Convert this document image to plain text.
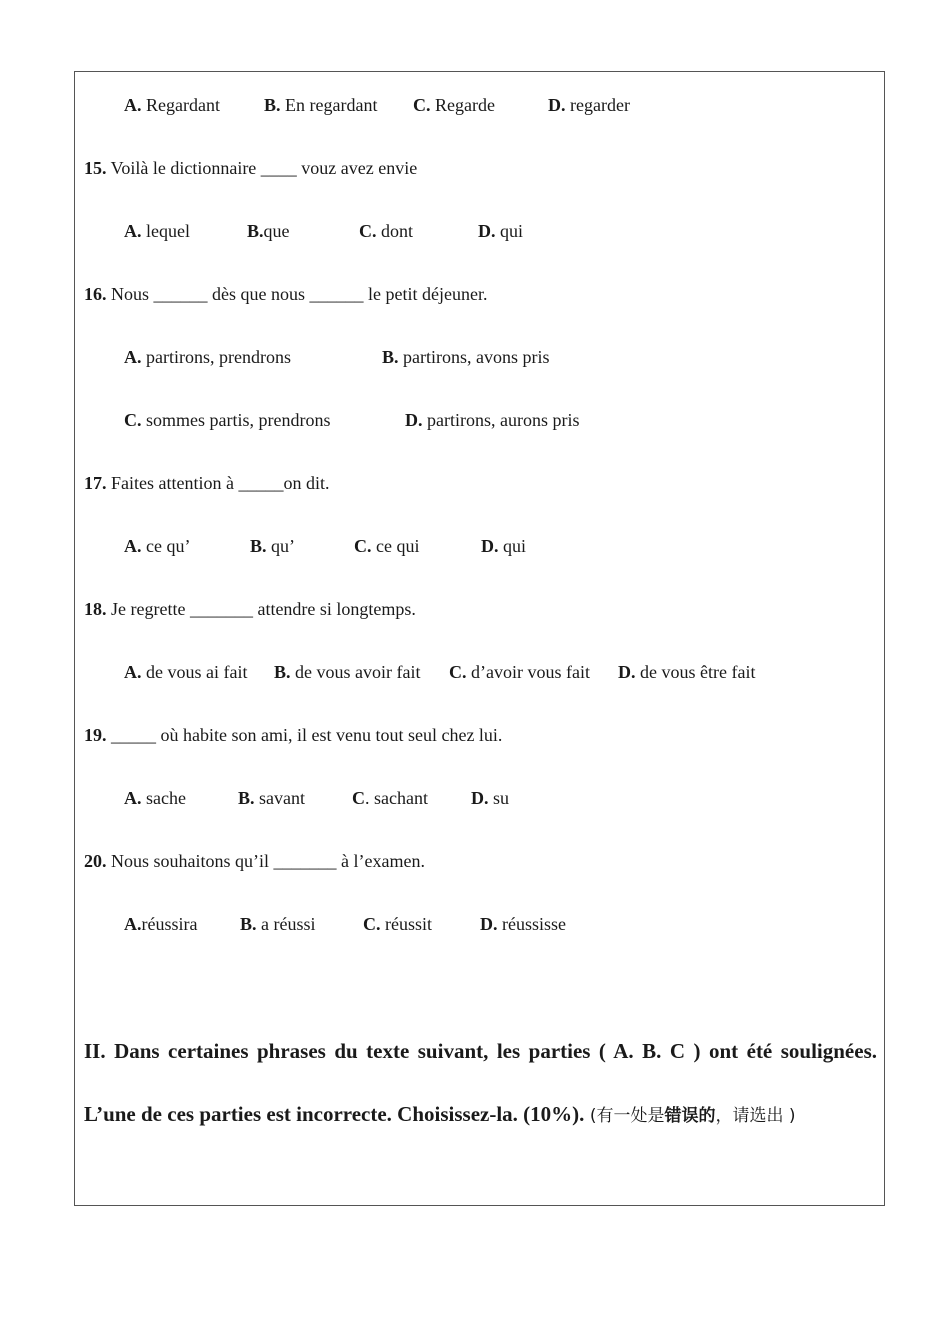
A. Regardant B. En regardant C. Regarde	D. regarder
15. Voilà le dictionnaire ____ vouz avez envie
A. lequel	B.que	C. dont	D. qui
16. Nous ______ dès que nous ______ le petit déjeuner.
A. partirons, prendrons	B. partirons, avons pris
C. sommes partis, prendrons	D. partirons, aurons pris
17. Faites attention à _____on dit.
A. ce qu’	B. qu’	C. ce qui	D. qui
18. Je regrette _______ attendre si longtemps.
A. de vous ai fait B. de vous avoir fait C. d’avoir vous fait D. de vous être fait
19. _____ où habite son ami, il est venu tout seul chez lui.
A. sache	B. savant	C. sachant D. su
20. Nous souhaitons qu’il _______ à l’examen.
A.réussira B. a réussi	C. réussit	D. réussisse
II. Dans certaines phrases du texte suivant, les parties ( A. B. C ) ont été soulignées.
L’une de ces parties est incorrecte. Choisissez-la. (10%). (有一处是错误的，请选出 )
